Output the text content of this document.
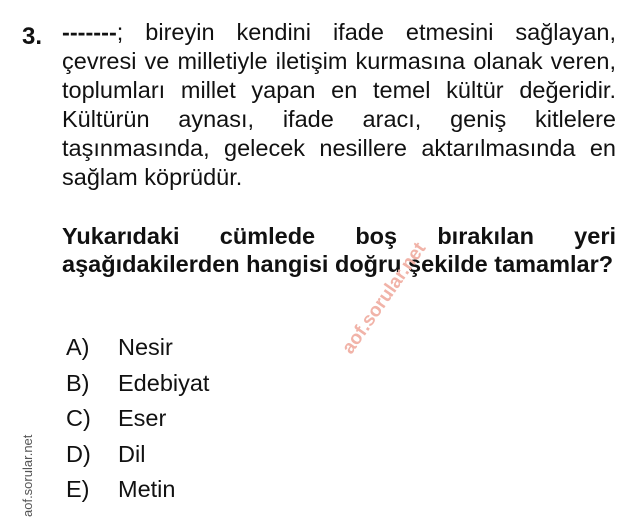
3. -------; bireyin kendini ifade etmesini sağlayan, çevresi ve milletiyle iletişim kurmasına olanak veren, toplumları millet yapan en temel kültür değeridir. Kültürün aynası, ifade aracı, geniş kitlelere taşınmasında, gelecek nesillere aktarılmasında en sağlam köprüdür.
Yukarıdaki cümlede boş bırakılan yeri aşağıdakilerden hangisi doğru şekilde tamamlar?
A)	Nesir
B)	Edebiyat
C)	Eser
D)	Dil
E)	Metin
aof.sorular.net
aof.sorular.net
